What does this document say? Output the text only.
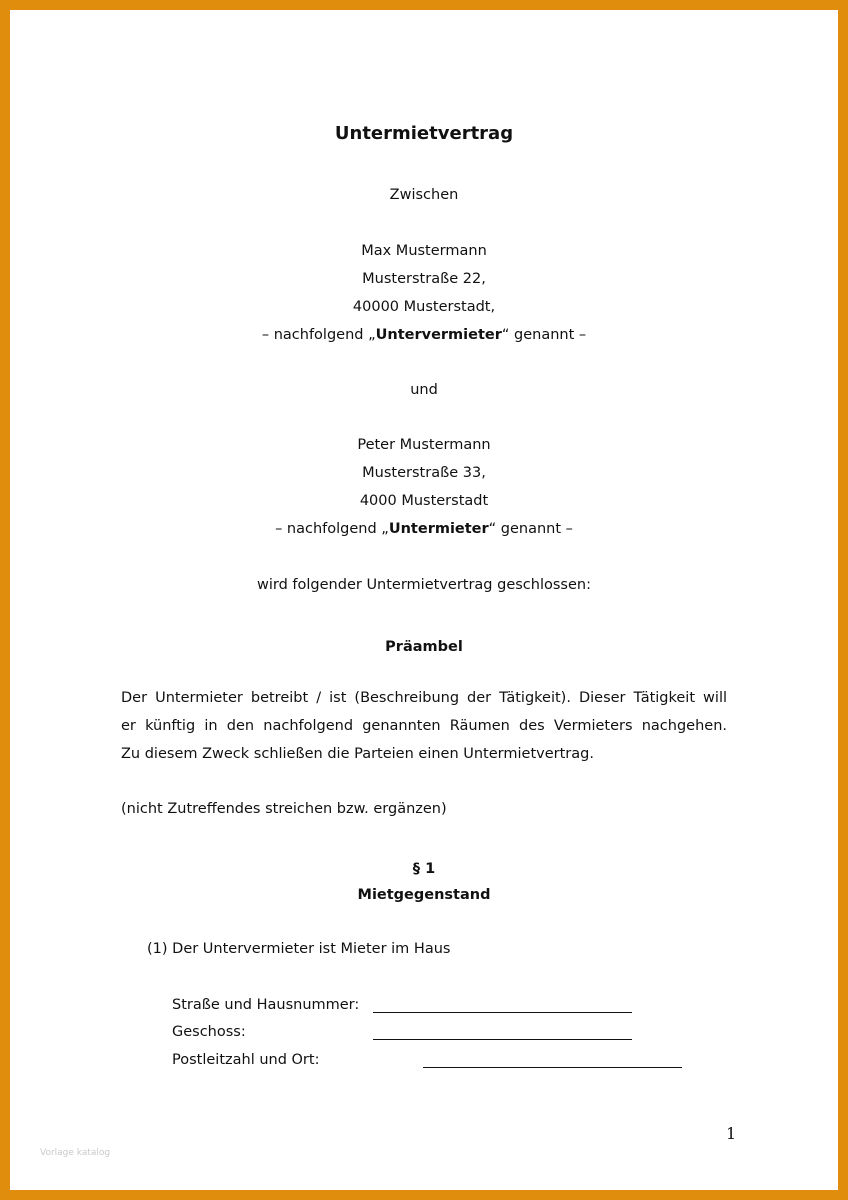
Untermietvertrag
Zwischen
Max Mustermann
Musterstraße 22,
40000 Musterstadt,
– nachfolgend „Untervermieter“ genannt –
und
Peter Mustermann
Musterstraße 33,
4000 Musterstadt
– nachfolgend „Untermieter“ genannt –
wird folgender Untermietvertrag geschlossen:
Präambel
Der Untermieter betreibt / ist (Beschreibung der Tätigkeit). Dieser Tätigkeit will
er künftig in den nachfolgend genannten Räumen des Vermieters nachgehen.
Zu diesem Zweck schließen die Parteien einen Untermietvertrag.
(nicht Zutreffendes streichen bzw. ergänzen)
§ 1
Mietgegenstand
(1) Der Untervermieter ist Mieter im Haus
Straße und Hausnummer:
Geschoss:
Postleitzahl und Ort:
1
Vorlage katalog
